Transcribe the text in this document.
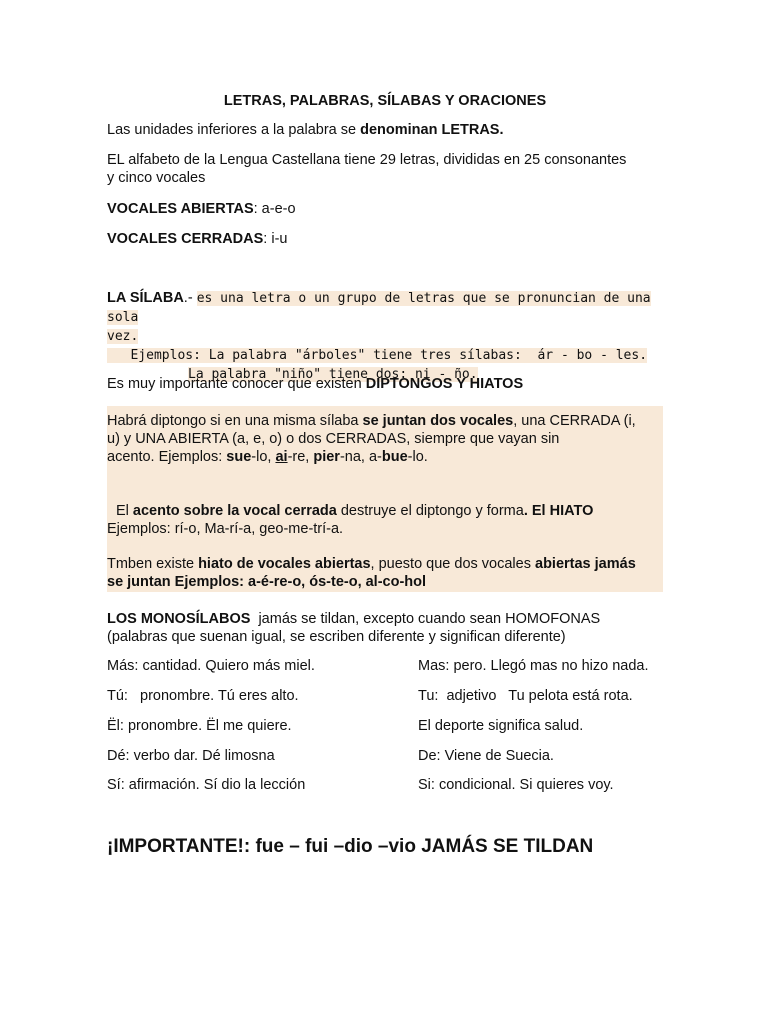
LETRAS, PALABRAS, SÍLABAS Y ORACIONES
Las unidades inferiores a la palabra se denominan LETRAS.
EL alfabeto de la Lengua Castellana tiene 29 letras, divididas en 25 consonantes
y cinco vocales
VOCALES ABIERTAS: a-e-o
VOCALES CERRADAS: i-u
LA SÍLABA.- es una letra o un grupo de letras que se pronuncian de una sola
vez.
Ejemplos: La palabra "árboles" tiene tres sílabas:  ár - bo - les.
La palabra "niño" tiene dos: ni - ño.
Es muy importante conocer que existen DIPTONGOS Y HIATOS
Habrá diptongo si en una misma sílaba se juntan dos vocales, una CERRADA (i,
u) y UNA ABIERTA (a, e, o) o dos CERRADAS, siempre que vayan sin
acento. Ejemplos: sue-lo, ai-re, pier-na, a-bue-lo.
El acento sobre la vocal cerrada destruye el diptongo y forma. El HIATO
Ejemplos: rí-o, Ma-rí-a, geo-me-trí-a.
Tmben existe hiato de vocales abiertas, puesto que dos vocales abiertas jamás
se juntan Ejemplos: a-é-re-o, ós-te-o, al-co-hol
LOS MONOSÍLABOS  jamás se tildan, excepto cuando sean HOMOFONAS
(palabras que suenan igual, se escriben diferente y significan diferente)
Más: cantidad. Quiero más miel.	Mas: pero. Llegó mas no hizo nada.
Tú:   pronombre. Tú eres alto.	Tu:  adjetivo   Tu pelota está rota.
Ël: pronombre. Ël me quiere.	El deporte significa salud.
Dé: verbo dar. Dé limosna	De: Viene de Suecia.
Sí: afirmación. Sí dio la lección	Si: condicional. Si quieres voy.
¡IMPORTANTE!: fue – fui –dio –vio JAMÁS SE TILDAN
